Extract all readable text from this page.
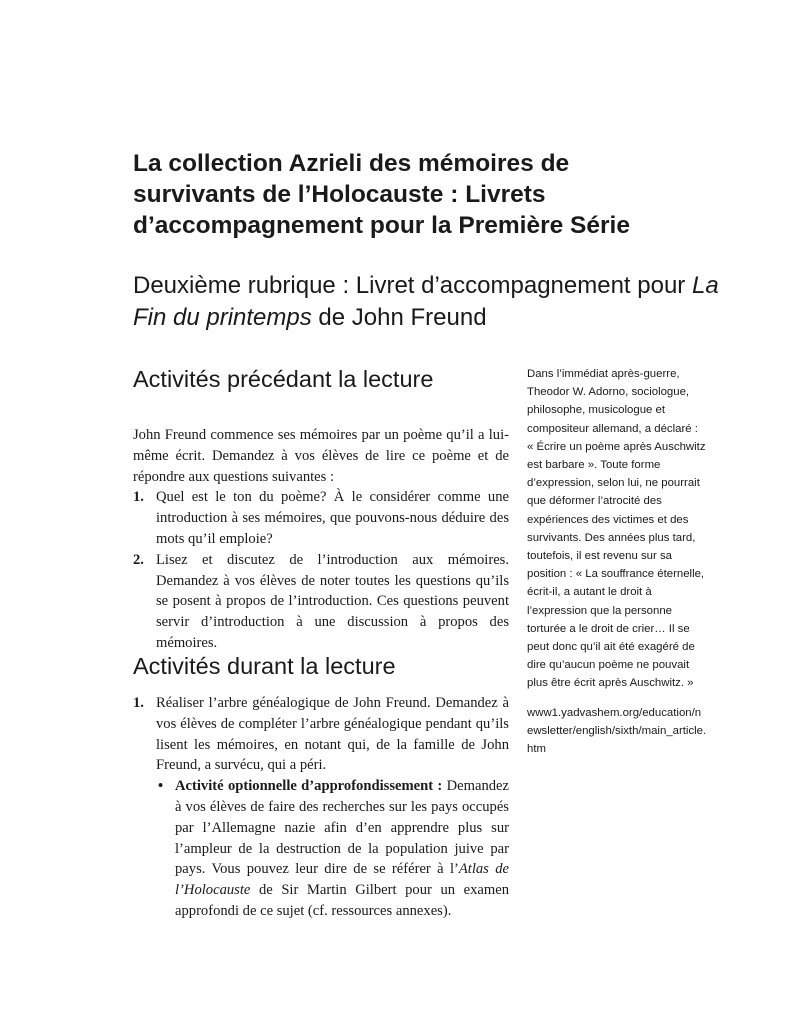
La collection Azrieli des mémoires de survivants de l’Holocauste : Livrets d’accompagnement pour la Première Série
Deuxième rubrique : Livret d’accompagnement pour La Fin du printemps de John Freund
Activités précédant la lecture

John Freund commence ses mémoires par un poème qu’il a lui-même écrit. Demandez à vos élèves de lire ce poème et de répondre aux questions suivantes :

1. Quel est le ton du poème? À le considérer comme une introduction à ses mémoires, que pouvons-nous déduire des mots qu’il emploie?
2. Lisez et discutez de l’introduction aux mémoires. Demandez à vos élèves de noter toutes les questions qu’ils se posent à propos de l’introduction. Ces questions peuvent servir d’introduction à une discussion à propos des mémoires.
Activités durant la lecture
1. Réaliser l’arbre généalogique de John Freund. Demandez à vos élèves de compléter l’arbre généalogique pendant qu’ils lisent les mémoires, en notant qui, de la famille de John Freund, a survécu, qui a péri.
• Activité optionnelle d’approfondissement : Demandez à vos élèves de faire des recherches sur les pays occupés par l’Allemagne nazie afin d’en apprendre plus sur l’ampleur de la destruction de la population juive par pays. Vous pouvez leur dire de se référer à l’Atlas de l’Holocauste de Sir Martin Gilbert pour un examen approfondi de ce sujet (cf. ressources annexes).

Dans l’immédiat après-guerre, Theodor W. Adorno, sociologue, philosophe, musicologue et compositeur allemand, a déclaré : « Écrire un poème après Auschwitz est barbare ». Toute forme d’expression, selon lui, ne pourrait que déformer l’atrocité des expériences des victimes et des survivants. Des années plus tard, toutefois, il est revenu sur sa position : « La souffrance éternelle, écrit-il, a autant le droit à l’expression que la personne torturée a le droit de crier… Il se peut donc qu’il ait été exagéré de dire qu’aucun poème ne pouvait plus être écrit après Auschwitz. »

www1.yadvashem.org/education/newsletter/english/sixth/main_article.htm
